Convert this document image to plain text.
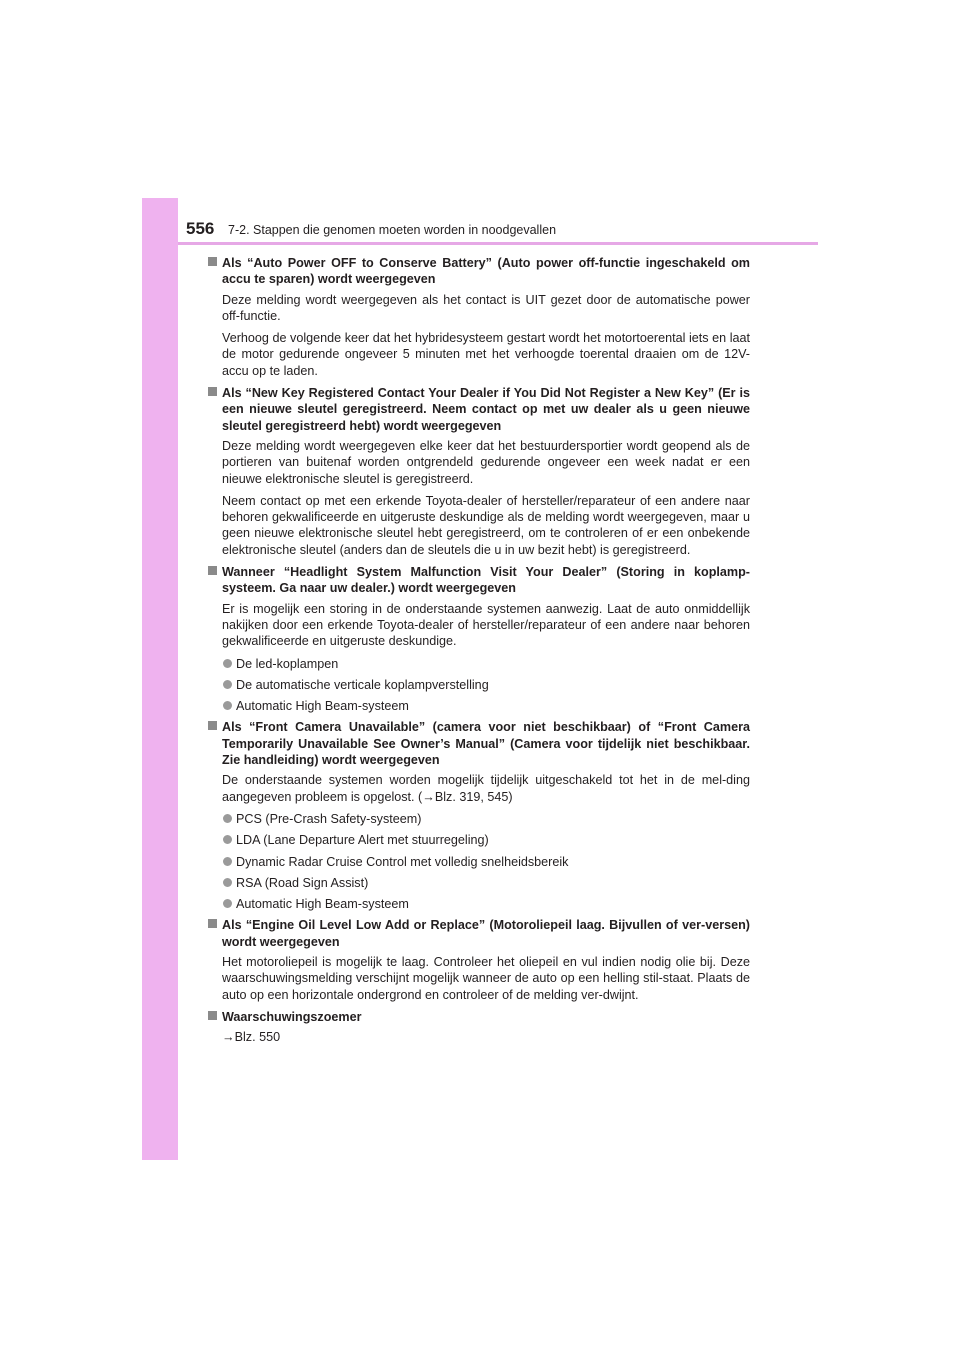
556 7-2. Stappen die genomen moeten worden in noodgevallen
Als “Auto Power OFF to Conserve Battery” (Auto power off-functie ingeschakeld om accu te sparen) wordt weergegeven
Deze melding wordt weergegeven als het contact is UIT gezet door de automatische power off-functie.
Verhoog de volgende keer dat het hybridesysteem gestart wordt het motortoerental iets en laat de motor gedurende ongeveer 5 minuten met het verhoogde toerental draaien om de 12V-accu op te laden.
Als “New Key Registered Contact Your Dealer if You Did Not Register a New Key” (Er is een nieuwe sleutel geregistreerd. Neem contact op met uw dealer als u geen nieuwe sleutel geregistreerd hebt) wordt weergegeven
Deze melding wordt weergegeven elke keer dat het bestuurdersportier wordt geopend als de portieren van buitenaf worden ontgrendeld gedurende ongeveer een week nadat er een nieuwe elektronische sleutel is geregistreerd.
Neem contact op met een erkende Toyota-dealer of hersteller/reparateur of een andere naar behoren gekwalificeerde en uitgeruste deskundige als de melding wordt weergegeven, maar u geen nieuwe elektronische sleutel hebt geregistreerd, om te controleren of er een onbekende elektronische sleutel (anders dan de sleutels die u in uw bezit hebt) is geregistreerd.
Wanneer “Headlight System Malfunction Visit Your Dealer” (Storing in koplamp-systeem. Ga naar uw dealer.) wordt weergegeven
Er is mogelijk een storing in de onderstaande systemen aanwezig. Laat de auto onmiddellijk nakijken door een erkende Toyota-dealer of hersteller/reparateur of een andere naar behoren gekwalificeerde en uitgeruste deskundige.
De led-koplampen
De automatische verticale koplampverstelling
Automatic High Beam-systeem
Als “Front Camera Unavailable” (camera voor niet beschikbaar) of “Front Camera Temporarily Unavailable See Owner’s Manual” (Camera voor tijdelijk niet beschikbaar. Zie handleiding) wordt weergegeven
De onderstaande systemen worden mogelijk tijdelijk uitgeschakeld tot het in de mel-ding aangegeven probleem is opgelost. (→Blz. 319, 545)
PCS (Pre-Crash Safety-systeem)
LDA (Lane Departure Alert met stuurregeling)
Dynamic Radar Cruise Control met volledig snelheidsbereik
RSA (Road Sign Assist)
Automatic High Beam-systeem
Als “Engine Oil Level Low Add or Replace” (Motoroliepeil laag. Bijvullen of ver-versen) wordt weergegeven
Het motoroliepeil is mogelijk te laag. Controleer het oliepeil en vul indien nodig olie bij. Deze waarschuwingsmelding verschijnt mogelijk wanneer de auto op een helling stil-staat. Plaats de auto op een horizontale ondergrond en controleer of de melding ver-dwijnt.
Waarschuwingszoemer
→Blz. 550
